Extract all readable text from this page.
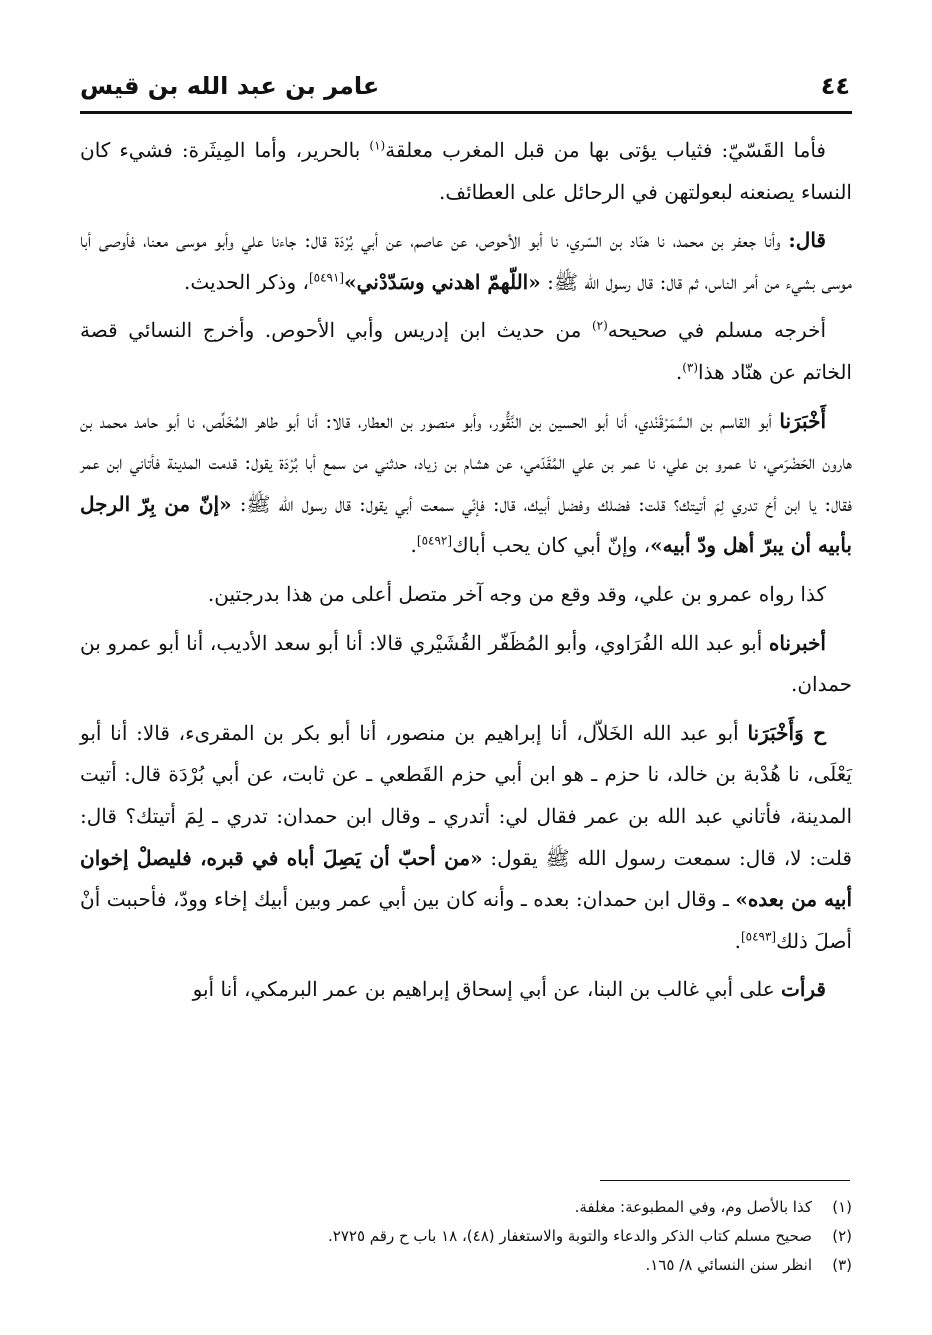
٤٤
عامر بن عبد الله بن قيس

فأما القَسّيّ: فثياب يؤتى بها من قبل المغرب معلقة$^{(١)}$ بالحرير، وأما المِيثَرة: فشيء كان النساء يصنعنه لبعولتهن في الرحائل على العطائف.

قال: وأنا جعفر بن محمد، نا هنّاد بن السّري، نا أبو الأحوص، عن عاصم، عن أبي بُرْدَة قال: جاءنا علي وأبو موسى معنا، فأوصى أبا موسى بشيء من أمر الناس، ثم قال: قال رسول الله ﷺ: «اللّهمّ اهدني وسَدّدْني»[٥٤٩١]، وذكر الحديث.

أخرجه مسلم في صحيحه$^{(٢)}$ من حديث ابن إدريس وأبي الأحوص. وأخرج النسائي قصة الخاتم عن هنّاد هذا$^{(٣)}$.

أَخْبَرَنا أبو القاسم بن السَّمَرْقَنْدي، أنا أبو الحسين بن النَّقُّور، وأبو منصور بن العطار، قالا: أنا أبو طاهر المُخَلِّص، نا أبو حامد محمد بن هارون الحَضْرَمي، نا عمرو بن علي، نا عمر بن علي المُقَدّمي، عن هشام بن زياد، حدثني من سمع أبا بُرْدَة يقول: قدمت المدينة فأتاني ابن عمر فقال: يا ابن أخ تدري لِمَ أتيتك؟ قلت: فضلك وفضل أبيك، قال: فإنّي سمعت أبي يقول: قال رسول الله ﷺ: «إنّ من بِرّ الرجل بأبيه أن يبرّ أهل ودّ أبيه»، وإنّ أبي كان يحب أباك[٥٤٩٢].

كذا رواه عمرو بن علي، وقد وقع من وجه آخر متصل أعلى من هذا بدرجتين.

أخبرناه أبو عبد الله الفُرَاوي، وأبو المُظَفّر القُشَيْري قالا: أنا أبو سعد الأديب، أنا أبو عمرو بن حمدان.

ح وَأَخْبَرَنا أبو عبد الله الخَلاّل، أنا إبراهيم بن منصور، أنا أبو بكر بن المقرىء، قالا: أنا أبو يَعْلَى، نا هُدْبة بن خالد، نا حزم ـ هو ابن أبي حزم القَطعي ـ عن ثابت، عن أبي بُرْدَة قال: أتيت المدينة، فأتاني عبد الله بن عمر فقال لي: أتدري ـ وقال ابن حمدان: تدري ـ لِمَ أتيتك؟ قال: قلت: لا، قال: سمعت رسول الله ﷺ يقول: «من أحبّ أن يَصِلَ أباه في قبره، فليصلْ إخوان أبيه من بعده» ـ وقال ابن حمدان: بعده ـ وأنه كان بين أبي عمر وبين أبيك إخاء وودّ، فأحببت أنْ أصلَ ذلك[٥٤٩٣].

قرأت على أبي غالب بن البنا، عن أبي إسحاق إبراهيم بن عمر البرمكي، أنا أبو

(١)
كذا بالأصل وم، وفي المطبوعة: مغلفة.
(٢)
صحيح مسلم كتاب الذكر والدعاء والتوبة والاستغفار (٤٨)، ١٨ باب ح رقم ٢٧٢٥.
(٣)
انظر سنن النسائي ٨/ ١٦٥.
